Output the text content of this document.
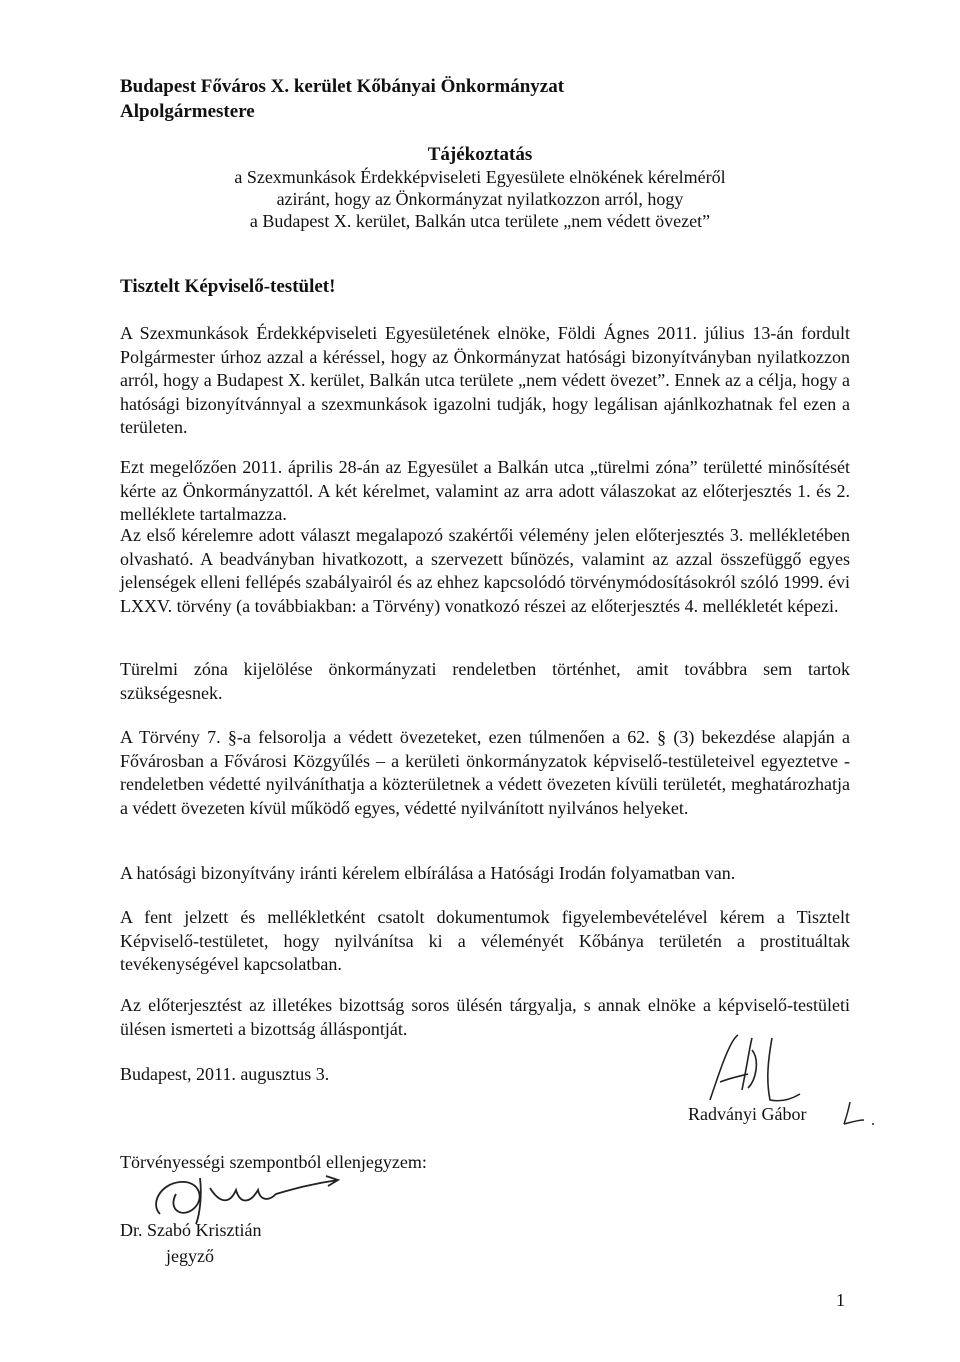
Budapest Főváros X. kerület Kőbányai Önkormányzat
Alpolgármestere
Tájékoztatás
a Szexmunkások Érdekképviseleti Egyesülete elnökének kérelméről
aziránt, hogy az Önkormányzat nyilatkozzon arról, hogy
a Budapest X. kerület, Balkán utca területe „nem védett övezet”
Tisztelt Képviselő-testület!
A Szexmunkások Érdekképviseleti Egyesületének elnöke, Földi Ágnes 2011. július 13-án fordult Polgármester úrhoz azzal a kéréssel, hogy az Önkormányzat hatósági bizonyítványban nyilatkozzon arról, hogy a Budapest X. kerület, Balkán utca területe „nem védett övezet”. Ennek az a célja, hogy a hatósági bizonyítvánnyal a szexmunkások igazolni tudják, hogy legálisan ajánlkozhatnak fel ezen a területen.
Ezt megelőzően 2011. április 28-án az Egyesület a Balkán utca „türelmi zóna” területté minősítését kérte az Önkormányzattól. A két kérelmet, valamint az arra adott válaszokat az előterjesztés 1. és 2. melléklete tartalmazza.
Az első kérelemre adott választ megalapozó szakértői vélemény jelen előterjesztés 3. mellékletében olvasható. A beadványban hivatkozott, a szervezett bűnözés, valamint az azzal összefüggő egyes jelenségek elleni fellépés szabályairól és az ehhez kapcsolódó törvénymódosításokról szóló 1999. évi LXXV. törvény (a továbbiakban: a Törvény) vonatkozó részei az előterjesztés 4. mellékletét képezi.
Türelmi zóna kijelölése önkormányzati rendeletben történhet, amit továbbra sem tartok szükségesnek.
A Törvény 7. §-a felsorolja a védett övezeteket, ezen túlmenően a 62. § (3) bekezdése alapján a Fővárosban a Fővárosi Közgyűlés – a kerületi önkormányzatok képviselő-testületeivel egyeztetve - rendeletben védetté nyilváníthatja a közterületnek a védett övezeten kívüli területét, meghatározhatja a védett övezeten kívül működő egyes, védetté nyilvánított nyilvános helyeket.
A hatósági bizonyítvány iránti kérelem elbírálása a Hatósági Irodán folyamatban van.
A fent jelzett és mellékletként csatolt dokumentumok figyelembevételével kérem a Tisztelt Képviselő-testületet, hogy nyilvánítsa ki a véleményét Kőbánya területén a prostituáltak tevékenységével kapcsolatban.
Az előterjesztést az illetékes bizottság soros ülésén tárgyalja, s annak elnöke a képviselő-testületi ülésen ismerteti a bizottság álláspontját.
Budapest, 2011. augusztus 3.
Radványi Gábor
Törvényességi szempontból ellenjegyzem:
Dr. Szabó Krisztián
jegyző
1
